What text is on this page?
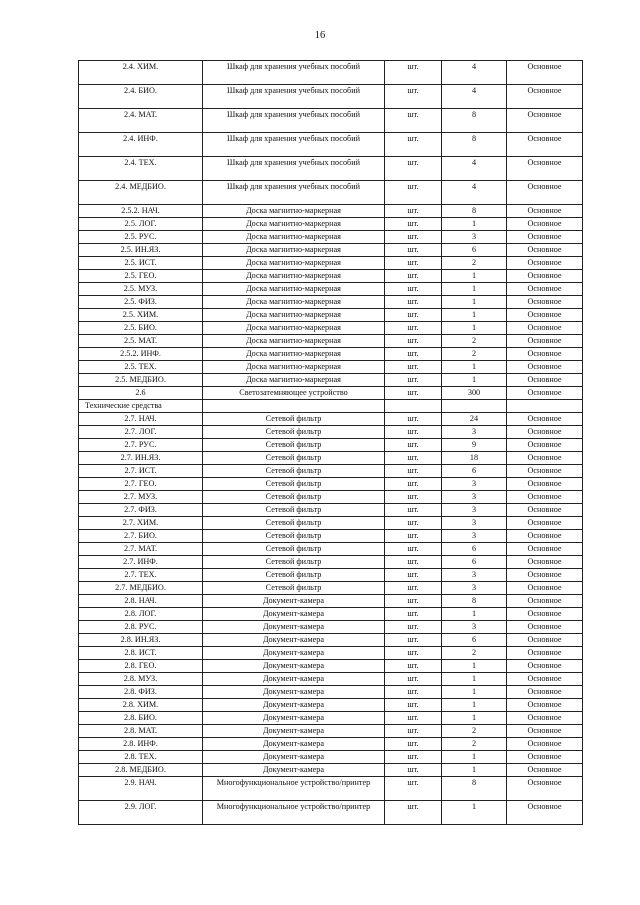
16
2.4. ХИМ.	Шкаф для хранения учебных пособий	шт.	4	Основное
2.4. БИО.	Шкаф для хранения учебных пособий	шт.	4	Основное
2.4. МАТ.	Шкаф для хранения учебных пособий	шт.	8	Основное
2.4. ИНФ.	Шкаф для хранения учебных пособий	шт.	8	Основное
2.4. ТЕХ.	Шкаф для хранения учебных пособий	шт.	4	Основное
2.4. МЕДБИО.	Шкаф для хранения учебных пособий	шт.	4	Основное
2.5.2. НАЧ.	Доска магнитно-маркерная	шт.	8	Основное
2.5. ЛОГ.	Доска магнитно-маркерная	шт.	1	Основное
2.5. РУС.	Доска магнитно-маркерная	шт.	3	Основное
2.5. ИН.ЯЗ.	Доска магнитно-маркерная	шт.	6	Основное
2.5. ИСТ.	Доска магнитно-маркерная	шт.	2	Основное
2.5. ГЕО.	Доска магнитно-маркерная	шт.	1	Основное
2.5. МУЗ.	Доска магнитно-маркерная	шт.	1	Основное
2.5. ФИЗ.	Доска магнитно-маркерная	шт.	1	Основное
2.5. ХИМ.	Доска магнитно-маркерная	шт.	1	Основное
2.5. БИО.	Доска магнитно-маркерная	шт.	1	Основное
2.5. МАТ.	Доска магнитно-маркерная	шт.	2	Основное
2.5.2. ИНФ.	Доска магнитно-маркерная	шт.	2	Основное
2.5. ТЕХ.	Доска магнитно-маркерная	шт.	1	Основное
2.5. МЕДБИО.	Доска магнитно-маркерная	шт.	1	Основное
2.6	Светозатемняющее устройство	шт.	300	Основное
Технические средства				
2.7. НАЧ.	Сетевой фильтр	шт.	24	Основное
2.7. ЛОГ.	Сетевой фильтр	шт.	3	Основное
2.7. РУС.	Сетевой фильтр	шт.	9	Основное
2.7. ИН.ЯЗ.	Сетевой фильтр	шт.	18	Основное
2.7. ИСТ.	Сетевой фильтр	шт.	6	Основное
2.7. ГЕО.	Сетевой фильтр	шт.	3	Основное
2.7. МУЗ.	Сетевой фильтр	шт.	3	Основное
2.7. ФИЗ.	Сетевой фильтр	шт.	3	Основное
2.7. ХИМ.	Сетевой фильтр	шт.	3	Основное
2.7. БИО.	Сетевой фильтр	шт.	3	Основное
2.7. МАТ.	Сетевой фильтр	шт.	6	Основное
2.7. ИНФ.	Сетевой фильтр	шт.	6	Основное
2.7. ТЕХ.	Сетевой фильтр	шт.	3	Основное
2.7. МЕДБИО.	Сетевой фильтр	шт.	3	Основное
2.8. НАЧ.	Документ-камера	шт.	8	Основное
2.8. ЛОГ.	Документ-камера	шт.	1	Основное
2.8. РУС.	Документ-камера	шт.	3	Основное
2.8. ИН.ЯЗ.	Документ-камера	шт.	6	Основное
2.8. ИСТ.	Документ-камера	шт.	2	Основное
2.8. ГЕО.	Документ-камера	шт.	1	Основное
2.8. МУЗ.	Документ-камера	шт.	1	Основное
2.8. ФИЗ.	Документ-камера	шт.	1	Основное
2.8. ХИМ.	Документ-камера	шт.	1	Основное
2.8. БИО.	Документ-камера	шт.	1	Основное
2.8. МАТ.	Документ-камера	шт.	2	Основное
2.8. ИНФ.	Документ-камера	шт.	2	Основное
2.8. ТЕХ.	Документ-камера	шт.	1	Основное
2.8. МЕДБИО.	Документ-камера	шт.	1	Основное
2.9. НАЧ.	Многофункциональное устройство/принтер	шт.	8	Основное
2.9. ЛОГ.	Многофункциональное устройство/принтер	шт.	1	Основное
